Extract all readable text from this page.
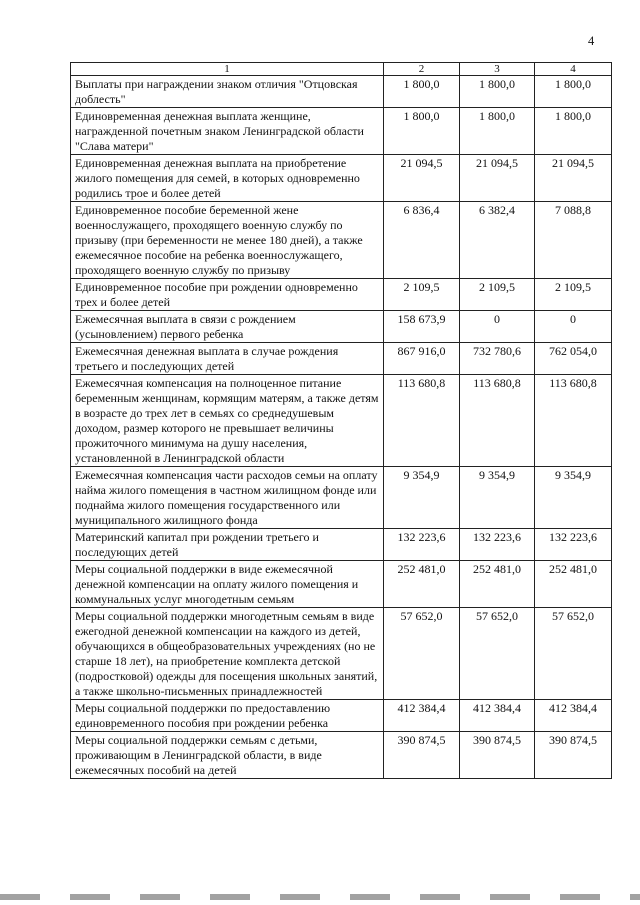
4
1	2	3	4
Выплаты при награждении знаком отличия "Отцовская доблесть"	1 800,0	1 800,0	1 800,0
Единовременная денежная выплата женщине, награжденной почетным знаком Ленинградской области "Слава матери"	1 800,0	1 800,0	1 800,0
Единовременная денежная выплата на приобретение жилого помещения для семей, в которых одновременно родились трое и более детей	21 094,5	21 094,5	21 094,5
Единовременное пособие беременной жене военнослужащего, проходящего военную службу по призыву (при беременности не менее 180 дней), а также ежемесячное пособие на ребенка военнослужащего, проходящего военную службу по призыву	6 836,4	6 382,4	7 088,8
Единовременное пособие при рождении одновременно трех и более детей	2 109,5	2 109,5	2 109,5
Ежемесячная выплата в связи с рождением (усыновлением) первого ребенка	158 673,9	0	0
Ежемесячная денежная выплата в случае рождения третьего и последующих детей	867 916,0	732 780,6	762 054,0
Ежемесячная компенсация на полноценное питание беременным женщинам, кормящим матерям, а также детям в возрасте до трех лет в семьях со среднедушевым доходом, размер которого не превышает величины прожиточного минимума на душу населения, установленной в Ленинградской области	113 680,8	113 680,8	113 680,8
Ежемесячная компенсация части расходов семьи на оплату найма жилого помещения в частном жилищном фонде или поднайма жилого помещения государственного или муниципального жилищного фонда	9 354,9	9 354,9	9 354,9
Материнский капитал при рождении третьего и последующих детей	132 223,6	132 223,6	132 223,6
Меры социальной поддержки в виде ежемесячной денежной компенсации на оплату жилого помещения и коммунальных услуг многодетным семьям	252 481,0	252 481,0	252 481,0
Меры социальной поддержки многодетным семьям в виде ежегодной денежной компенсации на каждого из детей, обучающихся в общеобразовательных учреждениях (но не старше 18 лет), на приобретение комплекта детской (подростковой) одежды для посещения школьных занятий, а также школьно-письменных принадлежностей	57 652,0	57 652,0	57 652,0
Меры социальной поддержки по предоставлению единовременного пособия при рождении ребенка	412 384,4	412 384,4	412 384,4
Меры социальной поддержки семьям с детьми, проживающим в Ленинградской области, в виде ежемесячных пособий на детей	390 874,5	390 874,5	390 874,5
